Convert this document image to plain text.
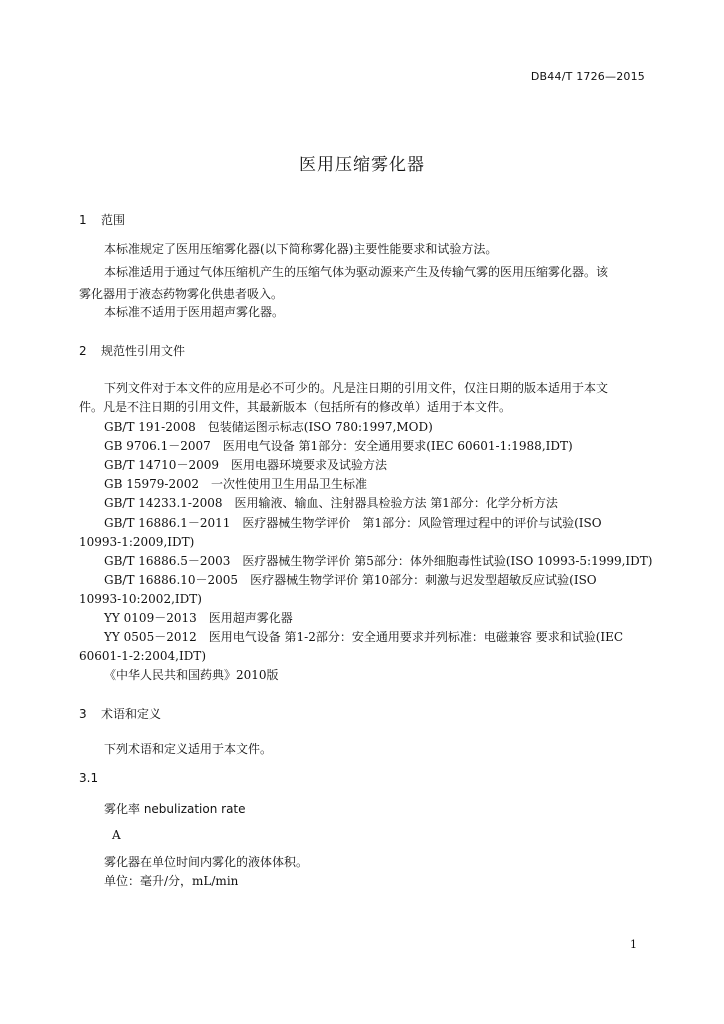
DB44/T 1726—2015
医用压缩雾化器
1 范围
本标准规定了医用压缩雾化器(以下简称雾化器)主要性能要求和试验方法。
本标准适用于通过气体压缩机产生的压缩气体为驱动源来产生及传输气雾的医用压缩雾化器。该
雾化器用于液态药物雾化供患者吸入。
本标准不适用于医用超声雾化器。
2 规范性引用文件
下列文件对于本文件的应用是必不可少的。凡是注日期的引用文件，仅注日期的版本适用于本文
件。凡是不注日期的引用文件，其最新版本（包括所有的修改单）适用于本文件。
GB/T 191-2008　包装储运图示标志(ISO 780:1997,MOD)
GB 9706.1－2007　医用电气设备 第1部分：安全通用要求(IEC 60601-1:1988,IDT)
GB/T 14710－2009　医用电器环境要求及试验方法
GB 15979-2002　一次性使用卫生用品卫生标准
GB/T 14233.1-2008　医用输液、输血、注射器具检验方法 第1部分：化学分析方法
GB/T 16886.1－2011　医疗器械生物学评价　第1部分：风险管理过程中的评价与试验(ISO
10993-1:2009,IDT)
GB/T 16886.5－2003　医疗器械生物学评价 第5部分：体外细胞毒性试验(ISO 10993-5:1999,IDT)
GB/T 16886.10－2005　医疗器械生物学评价 第10部分：刺激与迟发型超敏反应试验(ISO
10993-10:2002,IDT)
YY 0109－2013　医用超声雾化器
YY 0505－2012　医用电气设备 第1-2部分：安全通用要求并列标准：电磁兼容 要求和试验(IEC
60601-1-2:2004,IDT)
《中华人民共和国药典》2010版
3 术语和定义
下列术语和定义适用于本文件。
3.1
雾化率 nebulization rate
A
雾化器在单位时间内雾化的液体体积。
单位：毫升/分，mL/min
1
